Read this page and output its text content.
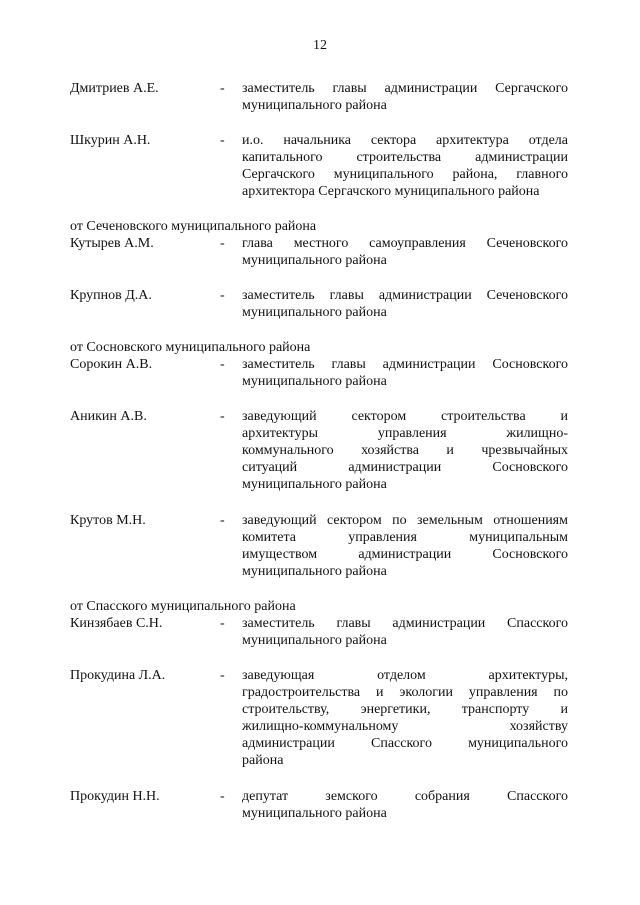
12
Дмитриев А.Е.	- заместитель главы администрации Сергачского
муниципального района
Шкурин А.Н.	- и.о. начальника сектора архитектура отдела
капитального строительства администрации
Сергачского муниципального района, главного
архитектора Сергачского муниципального района
от Сеченовского муниципального района
Кутырев А.М.	- глава местного самоуправления Сеченовского
муниципального района
Крупнов Д.А.	- заместитель главы администрации Сеченовского
муниципального района
от Сосновского муниципального района
Сорокин А.В.	- заместитель главы администрации Сосновского
муниципального района
Аникин А.В.	- заведующий сектором строительства и
архитектуры управления жилищно-
коммунального хозяйства и чрезвычайных
ситуаций администрации Сосновского
муниципального района
Крутов М.Н.	- заведующий сектором по земельным отношениям
комитета управления муниципальным
имуществом администрации Сосновского
муниципального района
от Спасского муниципального района
Кинзябаев С.Н.	- заместитель главы администрации Спасского
муниципального района
Прокудина Л.А.	- заведующая отделом архитектуры,
градостроительства и экологии управления по
строительству, энергетики, транспорту и
жилищно-коммунальному хозяйству
администрации Спасского муниципального
района
Прокудин Н.Н.	- депутат земского собрания Спасского
муниципального района
